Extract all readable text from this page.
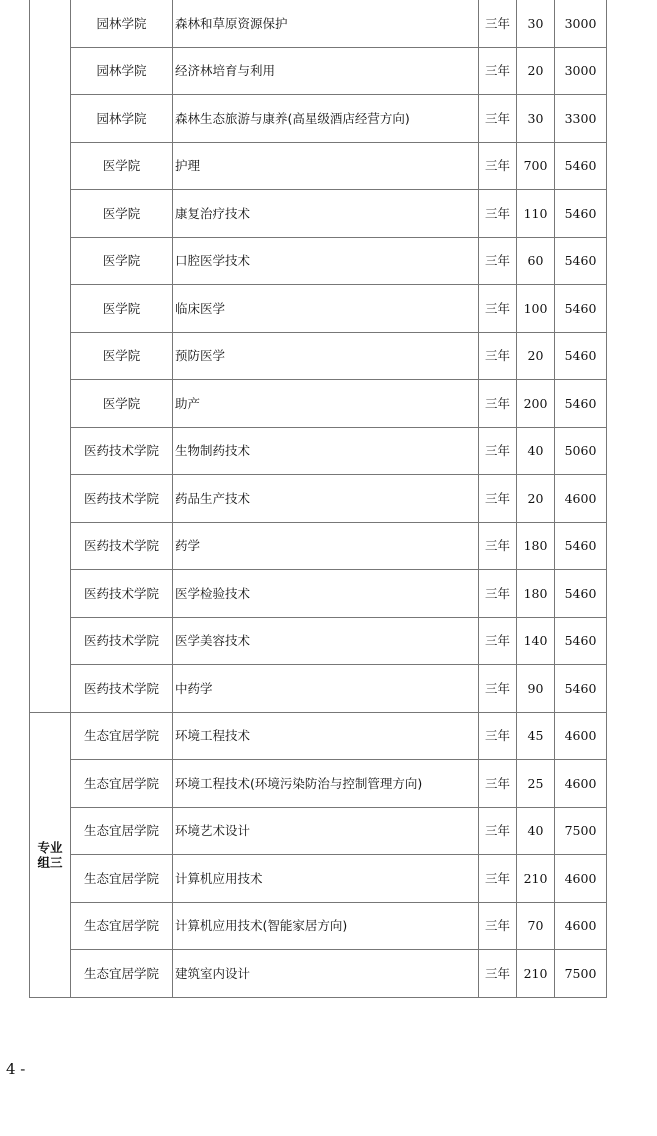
	园林学院	森林和草原资源保护	三年	30	3000
	园林学院	经济林培育与利用	三年	20	3000
	园林学院	森林生态旅游与康养(高星级酒店经营方向)	三年	30	3300
	医学院	护理	三年	700	5460
	医学院	康复治疗技术	三年	110	5460
	医学院	口腔医学技术	三年	60	5460
	医学院	临床医学	三年	100	5460
	医学院	预防医学	三年	20	5460
	医学院	助产	三年	200	5460
	医药技术学院	生物制药技术	三年	40	5060
	医药技术学院	药品生产技术	三年	20	4600
	医药技术学院	药学	三年	180	5460
	医药技术学院	医学检验技术	三年	180	5460
	医药技术学院	医学美容技术	三年	140	5460
	医药技术学院	中药学	三年	90	5460

专业
组三	生态宜居学院	环境工程技术	三年	45	4600
	生态宜居学院	环境工程技术(环境污染防治与控制管理方向)	三年	25	4600
	生态宜居学院	环境艺术设计	三年	40	7500
	生态宜居学院	计算机应用技术	三年	210	4600
	生态宜居学院	计算机应用技术(智能家居方向)	三年	70	4600
	生态宜居学院	建筑室内设计	三年	210	7500
4 -
